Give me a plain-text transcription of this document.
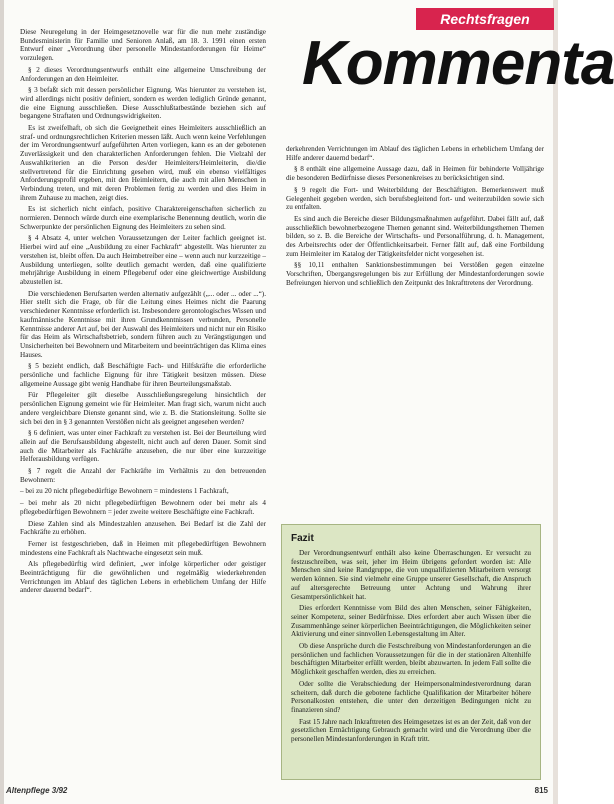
Rechtsfragen
Kommenta

Diese Neuregelung in der Heimgesetznovelle war für die nun mehr zuständige Bundesministerin für Familie und Senioren Anlaß, am 18. 3. 1991 einen ersten Entwurf einer „Verordnung über personelle Mindestanforderungen für Heime“ vorzulegen.

§ 2 dieses Verordnungsentwurfs enthält eine allgemeine Umschreibung der Anforderungen an den Heimleiter.

§ 3 befaßt sich mit dessen persönlicher Eignung. Was hierunter zu verstehen ist, wird allerdings nicht positiv definiert, sondern es werden lediglich Gründe genannt, die eine Eignung ausschließen. Diese Ausschlußtatbestände beziehen sich auf begangene Straftaten und Ordnungswidrigkeiten.

Es ist zweifelhaft, ob sich die Geeignetheit eines Heimleiters ausschließlich an straf- und ordnungsrechtlichen Kriterien messen läßt. Auch wenn keine Verfehlungen der im Verordnungsentwurf aufgeführten Arten vorliegen, kann es an der gebotenen Zuverlässigkeit und den charakterlichen Anforderungen fehlen. Die Vielzahl der Auswahlkriterien an die Person des/der Heimleiters/Heimleiterin, die/die stellvertretend für die Einrichtung gesehen wird, muß ein ebenso vielfältiges Anforderungsprofil ergeben, mit den Heimleitern, die auch mit allen Menschen in Verbindung treten, und mit deren Problemen fertig zu werden und dies Heim in ihrem Zuhause zu machen, zeigt dies.

Es ist sicherlich nicht einfach, positive Charaktereigenschaften sicherlich zu normieren. Dennoch würde durch eine exemplarische Benennung deutlich, worin die Schwerpunkte der persönlichen Eignung des Heimleiters zu sehen sind.

§ 4 Absatz 4, unter welchen Voraussetzungen der Leiter fachlich geeignet ist. Hierbei wird auf eine „Ausbildung zu einer Fachkraft“ abgestellt. Was hierunter zu verstehen ist, bleibt offen. Da auch Heimbetreiber eine – wenn auch nur kurzzeitige – Ausbildung unterliegen, sollte deutlich gemacht werden, daß eine qualifizierte mehrjährige Ausbildung in einem Pflegeberuf oder eine gleichwertige Ausbildung abzustellen ist.

Die verschiedenen Berufsarten werden alternativ aufgezählt („... oder ... oder ...“). Hier stellt sich die Frage, ob für die Leitung eines Heimes nicht die Paarung verschiedener Kenntnisse erforderlich ist. Insbesondere gerontologisches Wissen und kaufmännische Kenntnisse mit ihren Grundkenntnissen verbunden, Personelle Kenntnisse anderer Art auf, bei der Auswahl des Heimleiters und nicht nur ein Risiko für das Heim als Wirtschaftsbetrieb, sondern führen auch zu Verängstigungen und Unsicherheiten bei Bewohnern und Mitarbeitern und beeinträchtigen das Klima eines Hauses.

§ 5 bezieht endlich, daß Beschäftigte Fach- und Hilfskräfte die erforderliche persönliche und fachliche Eignung für ihre Tätigkeit besitzen müssen. Diese allgemeine Aussage gibt wenig Handhabe für ihren Beurteilungsmaßstab.

Für Pflegeleiter gilt dieselbe Ausschließungsregelung hinsichtlich der persönlichen Eignung gemeint wie für Heimleiter. Man fragt sich, warum nicht auch andere vergleichbare Dienste genannt sind, wie z. B. die Stationsleitung. Sollte sie sich bei den in § 3 genannten Verstößen nicht als geeignet angesehen werden?

§ 6 definiert, was unter einer Fachkraft zu verstehen ist. Bei der Beurteilung wird allein auf die Berufsausbildung abgestellt, nicht auch auf deren Dauer. Somit sind auch die Mitarbeiter als Fachkräfte anzusehen, die nur über eine kurzzeitige Helferausbildung verfügen.

§ 7 regelt die Anzahl der Fachkräfte im Verhältnis zu den betreuenden Bewohnern:

– bei zu 20 nicht pflegebedürftige Bewohnern = mindestens 1 Fachkraft,

– bei mehr als 20 nicht pflegebedürftigen Bewohnern oder bei mehr als 4 pflegebedürftigen Bewohnern = jeder zweite weitere Beschäftigte eine Fachkraft.

Diese Zahlen sind als Mindestzahlen anzusehen. Bei Bedarf ist die Zahl der Fachkräfte zu erhöhen.

Ferner ist festgeschrieben, daß in Heimen mit pflegebedürftigen Bewohnern mindestens eine Fachkraft als Nachtwache eingesetzt sein muß.

Als pflegebedürftig wird definiert, „wer infolge körperlicher oder geistiger Beeinträchtigung für die gewöhnlichen und regelmäßig wiederkehrenden Verrichtungen im Ablauf des täglichen Lebens in erheblichem Umfang der Hilfe anderer dauernd bedarf“.

derkehrenden Verrichtungen im Ablauf des täglichen Lebens in erheblichem Umfang der Hilfe anderer dauernd bedarf“.

§ 8 enthält eine allgemeine Aussage dazu, daß in Heimen für behinderte Volljährige die besonderen Bedürfnisse dieses Personenkreises zu berücksichtigen sind.

§ 9 regelt die Fort- und Weiterbildung der Beschäftigten. Bemerkenswert muß Gelegenheit gegeben werden, sich berufsbegleitend fort- und weiterzubilden sowie sich zu entfalten.

Es sind auch die Bereiche dieser Bildungsmaßnahmen aufgeführt. Dabei fällt auf, daß ausschließlich bewohnerbezogene Themen genannt sind. Weiterbildungsthemen Themen bilden, so z. B. die Bereiche der Wirtschafts- und Personalführung, d. h. Management, des Arbeitsrechts oder der Öffentlichkeitsarbeit. Ferner fällt auf, daß eine Fortbildung zum Heimleiter im Katalog der Tätigkeitsfelder nicht vorgesehen ist.

§§ 10,11 enthalten Sanktionsbestimmungen bei Verstößen gegen einzelne Vorschriften, Übergangsregelungen bis zur Erfüllung der Mindestanforderungen sowie Befreiungen hiervon und schließlich den Zeitpunkt des Inkrafttretens der Verordnung.

Fazit

Der Verordnungsentwurf enthält also keine Überraschungen. Er versucht zu festzuschreiben, was seit, jeher im Heim übrigens gefordert worden ist: Alle Menschen sind keine Randgruppe, die von unqualifizierten Mitarbeitern versorgt werden können. Sie sind vielmehr eine Gruppe unserer Gesellschaft, die Anspruch auf altersgerechte Betreuung unter Achtung und Wahrung ihrer Gesamtpersönlichkeit hat.

Dies erfordert Kenntnisse vom Bild des alten Menschen, seiner Fähigkeiten, seiner Kompetenz, seiner Bedürfnisse. Dies erfordert aber auch Wissen über die Zusammenhänge seiner körperlichen Beeinträchtigungen, die Möglichkeiten seiner Aktivierung und einer sinnvollen Lebensgestaltung im Alter.

Ob diese Ansprüche durch die Festschreibung von Mindestanforderungen an die persönlichen und fachlichen Voraussetzungen für die in der stationären Altenhilfe beschäftigten Mitarbeiter erfüllt werden, bleibt abzuwarten. In jedem Fall sollte die Möglichkeit geschaffen werden, dies zu erreichen.

Oder sollte die Verabschiedung der Heimpersonalmindestverordnung daran scheitern, daß durch die gebotene fachliche Qualifikation der Mitarbeiter höhere Personalkosten entstehen, die unter den derzeitigen Bedingungen nicht zu finanzieren sind?

Fast 15 Jahre nach Inkrafttreten des Heimgesetzes ist es an der Zeit, daß von der gesetzlichen Ermächtigung Gebrauch gemacht wird und die Verordnung über die personellen Mindestanforderungen in Kraft tritt.

Altenpflege 3/92	815
